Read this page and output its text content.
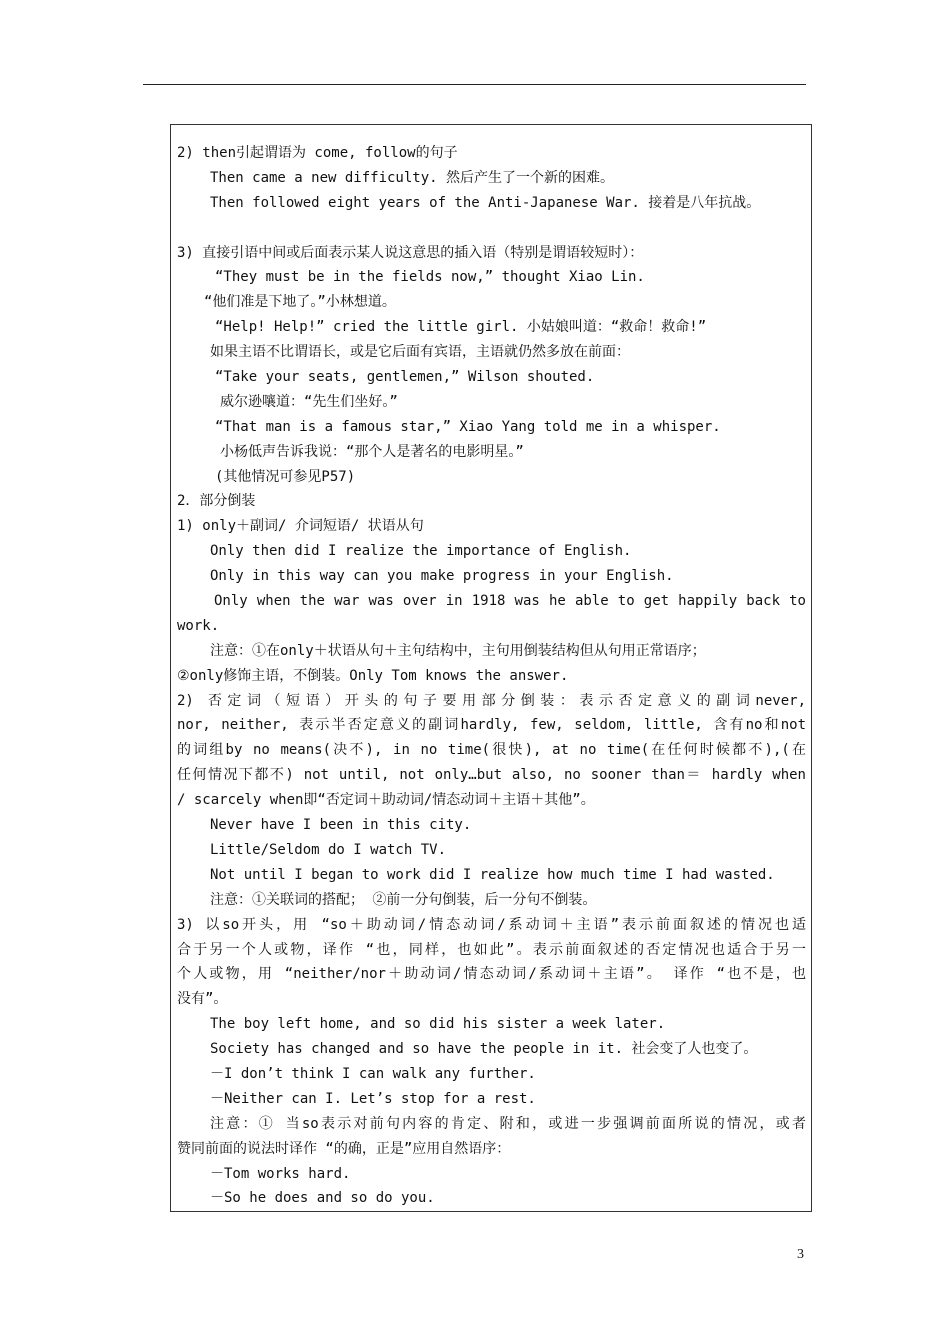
2) then引起谓语为 come, follow的句子
Then came a new difficulty. 然后产生了一个新的困难。
Then followed eight years of the Anti-Japanese War. 接着是八年抗战。

3) 直接引语中间或后面表示某人说这意思的插入语（特别是谓语较短时）：
“They must be in the fields now,” thought Xiao Lin.
“他们准是下地了。”小林想道。
“Help! Help!” cried the little girl. 小姑娘叫道：“救命！救命!”
如果主语不比谓语长，或是它后面有宾语，主语就仍然多放在前面：
“Take your seats, gentlemen,” Wilson shouted.
威尔逊嚷道：“先生们坐好。”
“That man is a famous star,” Xiao Yang told me in a whisper.
小杨低声告诉我说：“那个人是著名的电影明星。”
(其他情况可参见P57)
2．部分倒装
1) only＋副词/ 介词短语/ 状语从句
Only then did I realize the importance of English.
Only in this way can you make progress in your English.
Only when the war was over in 1918 was he able to get happily back to
work.
注意：①在only＋状语从句＋主句结构中，主句用倒装结构但从句用正常语序；
②only修饰主语，不倒装。Only Tom knows the answer.
2) 否定词（短语）开头的句子要用部分倒装：表示否定意义的副词never,
nor, neither, 表示半否定意义的副词hardly, few, seldom, little, 含有no和not
的词组by no means(决不), in no time(很快), at no time(在任何时候都不),(在
任何情况下都不) not until, not only…but also, no sooner than＝ hardly when
/ scarcely when即“否定词＋助动词/情态动词＋主语＋其他”。
Never have I been in this city.
Little/Seldom do I watch TV.
Not until I began to work did I realize how much time I had wasted.
注意：①关联词的搭配； ②前一分句倒装，后一分句不倒装。
3) 以so开头，用 “so＋助动词/情态动词/系动词＋主语”表示前面叙述的情况也适
合于另一个人或物，译作 “也，同样，也如此”。表示前面叙述的否定情况也适合于另一
个人或物，用 “neither/nor＋助动词/情态动词/系动词＋主语”。 译作 “也不是，也
没有”。
The boy left home, and so did his sister a week later.
Society has changed and so have the people in it. 社会变了人也变了。
－I don’t think I can walk any further.
－Neither can I. Let’s stop for a rest.
注意：① 当so表示对前句内容的肯定、附和，或进一步强调前面所说的情况，或者
赞同前面的说法时译作 “的确，正是”应用自然语序：
－Tom works hard.
－So he does and so do you.
3
